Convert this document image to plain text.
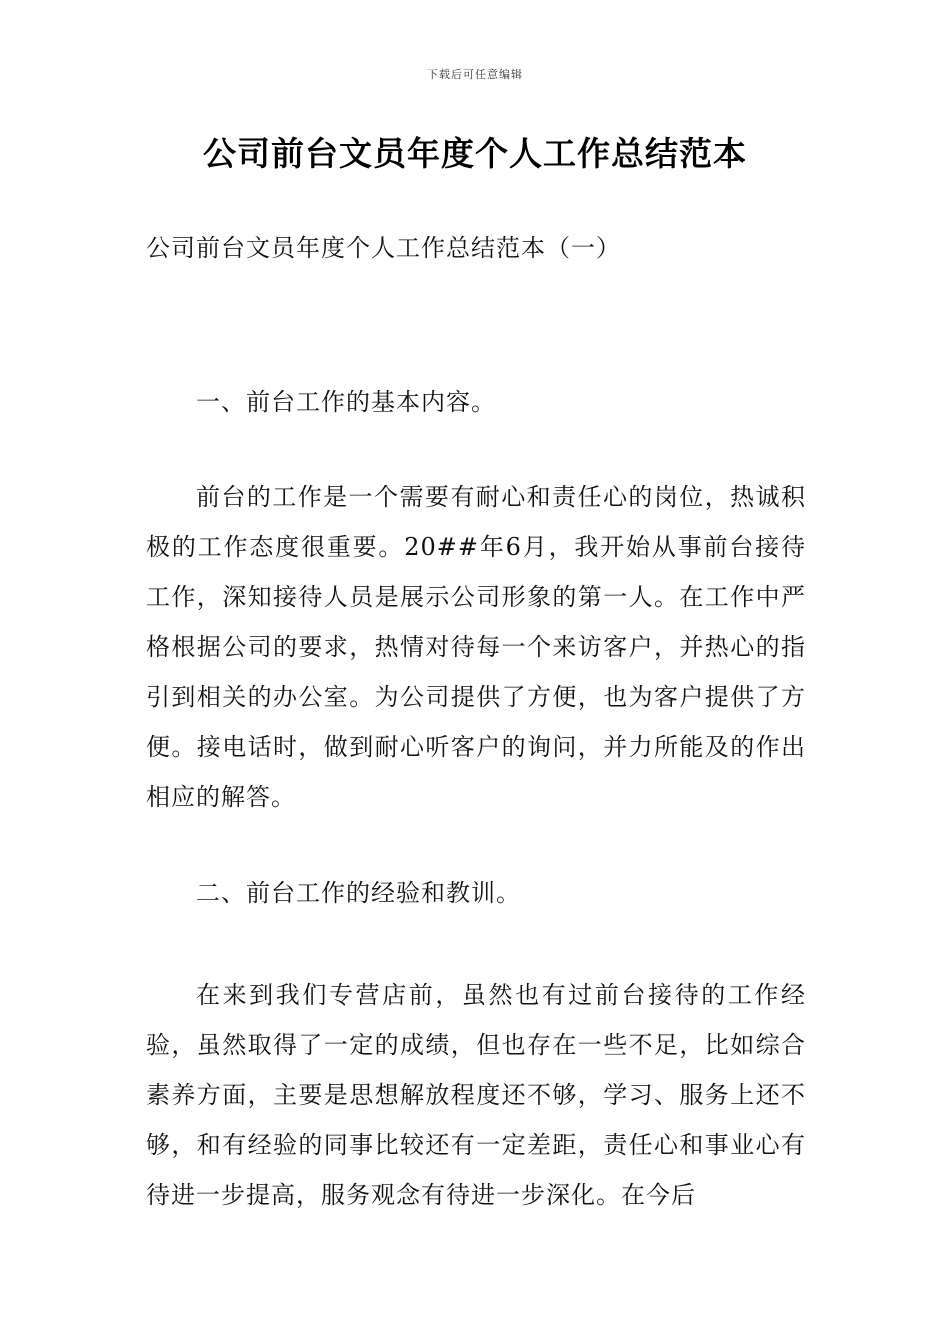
下载后可任意编辑
公司前台文员年度个人工作总结范本
公司前台文员年度个人工作总结范本（一）
一、前台工作的基本内容。

前台的工作是一个需要有耐心和责任心的岗位，热诚积极的工作态度很重要。20##年6月，我开始从事前台接待工作，深知接待人员是展示公司形象的第一人。在工作中严格根据公司的要求，热情对待每一个来访客户，并热心的指引到相关的办公室。为公司提供了方便，也为客户提供了方便。接电话时，做到耐心听客户的询问，并力所能及的作出相应的解答。

二、前台工作的经验和教训。

在来到我们专营店前，虽然也有过前台接待的工作经验，虽然取得了一定的成绩，但也存在一些不足，比如综合素养方面，主要是思想解放程度还不够，学习、服务上还不够，和有经验的同事比较还有一定差距，责任心和事业心有待进一步提高，服务观念有待进一步深化。在今后
